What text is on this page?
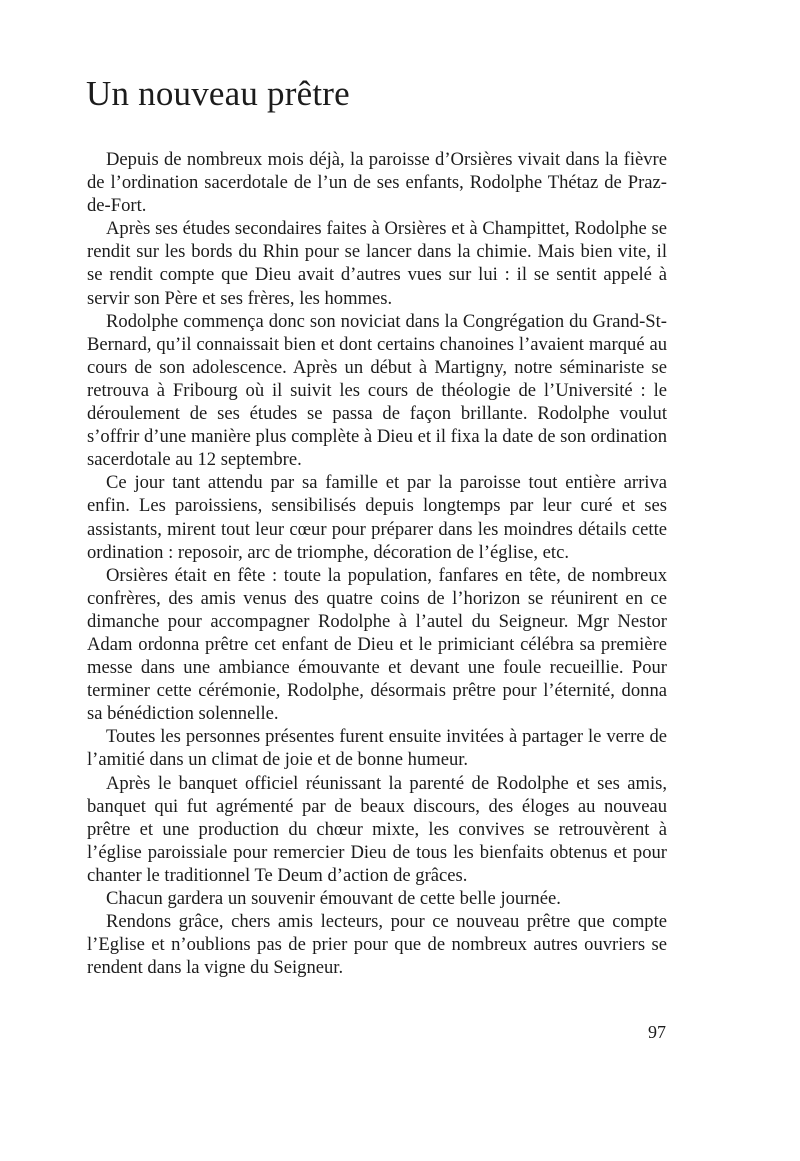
Un nouveau prêtre

Depuis de nombreux mois déjà, la paroisse d’Orsières vivait dans la fièvre de l’ordination sacerdotale de l’un de ses enfants, Rodolphe Thétaz de Praz-de-Fort.

Après ses études secondaires faites à Orsières et à Champittet, Rodolphe se rendit sur les bords du Rhin pour se lancer dans la chimie. Mais bien vite, il se rendit compte que Dieu avait d’autres vues sur lui : il se sentit appelé à servir son Père et ses frères, les hommes.

Rodolphe commença donc son noviciat dans la Congrégation du Grand-St-Bernard, qu’il connaissait bien et dont certains chanoines l’avaient marqué au cours de son adolescence. Après un début à Martigny, notre séminariste se retrouva à Fribourg où il suivit les cours de théologie de l’Université : le déroulement de ses études se passa de façon brillante. Rodolphe voulut s’offrir d’une manière plus complète à Dieu et il fixa la date de son ordination sacerdotale au 12 septembre.

Ce jour tant attendu par sa famille et par la paroisse tout entière arriva enfin. Les paroissiens, sensibilisés depuis longtemps par leur curé et ses assistants, mirent tout leur cœur pour préparer dans les moindres détails cette ordination : reposoir, arc de triomphe, décoration de l’église, etc.

Orsières était en fête : toute la population, fanfares en tête, de nombreux confrères, des amis venus des quatre coins de l’horizon se réunirent en ce dimanche pour accompagner Rodolphe à l’autel du Seigneur. Mgr Nestor Adam ordonna prêtre cet enfant de Dieu et le primiciant célébra sa première messe dans une ambiance émouvante et devant une foule recueillie. Pour terminer cette cérémonie, Rodolphe, désormais prêtre pour l’éternité, donna sa bénédiction solennelle.

Toutes les personnes présentes furent ensuite invitées à partager le verre de l’amitié dans un climat de joie et de bonne humeur.

Après le banquet officiel réunissant la parenté de Rodolphe et ses amis, banquet qui fut agrémenté par de beaux discours, des éloges au nouveau prêtre et une production du chœur mixte, les convives se retrouvèrent à l’église paroissiale pour remercier Dieu de tous les bienfaits obtenus et pour chanter le traditionnel Te Deum d’action de grâces.

Chacun gardera un souvenir émouvant de cette belle journée.

Rendons grâce, chers amis lecteurs, pour ce nouveau prêtre que compte l’Eglise et n’oublions pas de prier pour que de nombreux autres ouvriers se rendent dans la vigne du Seigneur.

97
